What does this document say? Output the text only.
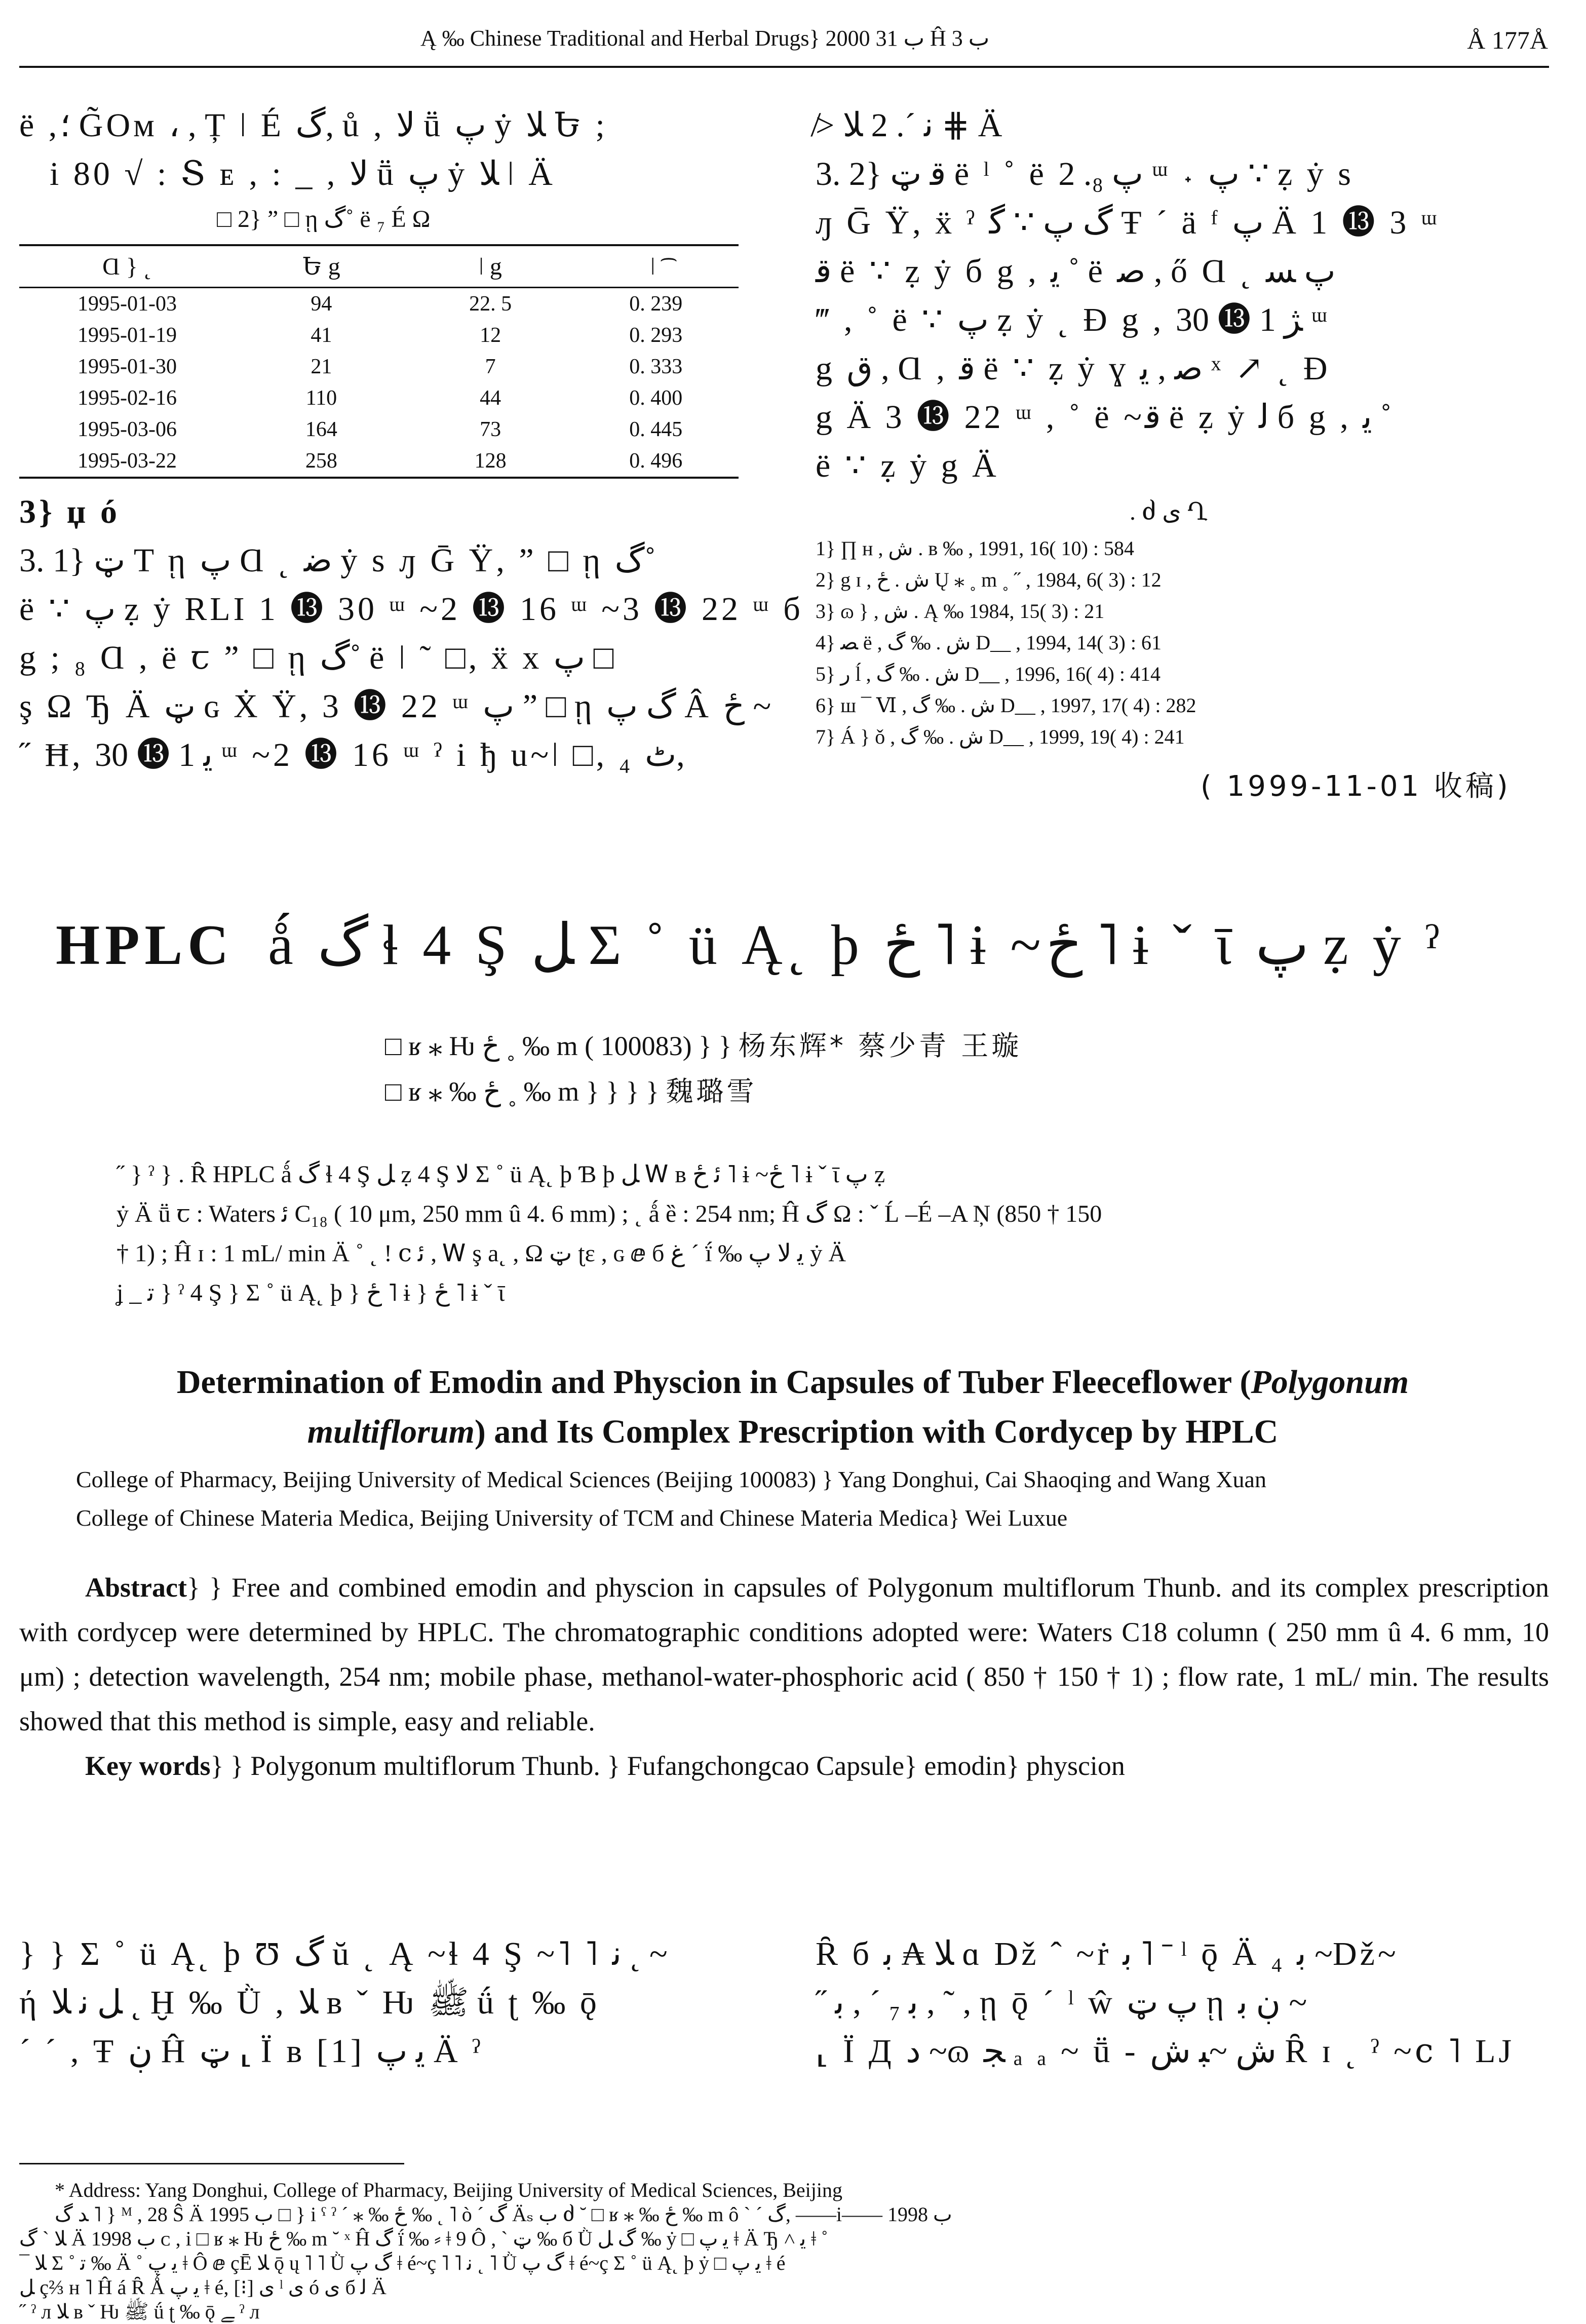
Ą ‰ Chinese Traditional and Herbal Drugs} 2000 ب 31 Ĥ ب 3	Å 177Å
ë ,؛ G̃Oм ، , Ț ǀ É گ, ů , ﻻ ṻ پ ẏ ﻼ Ե ;
i 80 √ : Տ ᴇ , : _ , ﻻ ṻ پ ẏ ﻼ ǀ Ä
□ 2} ” □ ῃ گ˚ ë ₇ É Ω
Ɑ } ˛	Ե g	ǀ g	ǀ ͡
1995-01-03	94	22. 5	0. 239
1995-01-19	41	12	0. 293
1995-01-30	21	7	0. 333
1995-02-16	110	44	0. 400
1995-03-06	164	73	0. 445
1995-03-22	258	128	0. 496
3} џ ó
3. 1} ټ T ῃ پ Ɑ ˛ ﺿ ẏ s ԓ Ḡ Ÿ, ” □ ῃ گ˚
ë ∵ پ ẓ ẏ RLI 1 ⓭ 30 ᵚ ~2 ⓭ 16 ᵚ ~3 ⓭ 22 ᵚ б
g ; ₈ Ɑ , ë ꞇ ” □ ῃ گ˚ ë ǀ ˜ □, ẍ x پ □
ş Ω Ђ Ä ټ ɢ Ẋ Ÿ, 3 ⓭ 22 ᵚ پ ” □ ῃ گ پ Â ځ ~
˝ Ħ, ﻳ 1 ⓭ 30 ᵚ ~2 ⓭ 16 ᵚ ˀ i ђ u~ǀ □, ₄ ٹ,
≯ ﻧ ˊ. 2 ﻼ ⋕ Ä
3. 2} ﻗ ټ ë ˡ ˚ ë پ ₈. 2 ᵚ ˖ پ ∵ ẓ ẏ s
ԓ Ḡ Ÿ, ẍ ˀ گ پ ∵ ﮔ Ŧ ˊ ä ᶠ پ Ä 1 ⓭ 3 ᵚ
ﻗ ë ∵ ẓ ẏ б g , ﻳ ˚ ë ﺻ , ő Ɑ ˛ پ ﺴ
‴ , ˚ ë ∵ پ ẓ ẏ ˛ Ɖ g , ﮋ 1 ⓭ 30 ᵚ
g ﻕ , Ɑ , ﻗ ë ∵ ẓ ẏ ɣ ﺻ , ﻳ ˣ ↗ ˛ Ɖ
g Ä 3 ⓭ 22 ᵚ , ˚ ë ~ﻗ ë ẓ ẏ ﻟ б g , ﻳ ˚
ë ∵ ẓ ẏ g Ä
. ძ ى Ղ
1} ∏ ʜ , ش . ʙ ‰ , 1991, 16( 10) : 584
2} g ɪ , ش . ځ Ų ⁎ ˳ m ˳ ˝ , 1984, 6( 3) : 12
3} ɷ } , ش . Ą ‰ 1984, 15( 3) : 21
4} ﺼ ë , ش . ‰ گ D__ , 1994, 14( 3) : 61
5} ﺭ ĺ , ش . ‰ گ D__ , 1996, 16( 4) : 414
6} ш ¯ Ⅵ , ش . ‰ گ D__ , 1997, 17( 4) : 282
7} Á } ǒ , ش . ‰ گ D__ , 1999, 19( 4) : 241
( 1999-11-01 收稿)
HPLC ǻ گ ɬ 4 Ş ﻞ Σ ˚ ü Ą˛ þ ځ ˥ ɨ ~ځ ˥ ɨ ˇ ῑ پ ẓ ẏ ˀ
□ ʁ ⁎ Ƕ ځ ˳ ‰ m ( 100083) } } 杨东辉* 蔡少青 王璇
□ ʁ ⁎ ‰ ځ ˳ ‰ m } } } } 魏璐雪
˝ } ˀ } . Ȓ HPLC ǻ گ ɬ 4 Ş ﻞ ẓ 4 Ş ﻻ Σ ˚ ü Ą˛ þ Ɓ þ ﻞ Ꮃ ʙ ﺋ ځ ˥ ɨ ~ځ ˥ ɨ ˇ ῑ پ ẓ
ẏ Ä ṻ ꞇ : Waters ﺋ C₁₈ ( 10 μm, 250 mm û 4. 6 mm) ; ˛ ǻ ȅ : 254 nm; Ĥ گ Ω : ˇ Ĺ ‒É ‒A Ņ (850 † 150
† 1) ; Ĥ ɪ : 1 mL/ min Ä ˚ ˛ ! ⅽ ﺋ , Ꮃ ş a˛ , Ω ټ ʈɛ , ɢ ⅇ б ﻍ ˊ ḯ ‰ ﻳ ﻻ پ ẏ Ä
ʝ _ ﺗ } ˀ 4 Ş } Σ ˚ ü Ą˛ þ } ځ ˥ ɨ } ځ ˥ ɨ ˇ ῑ
Determination of Emodin and Physcion in Capsules of Tuber Fleeceflower (Polygonum
multiflorum) and Its Complex Prescription with Cordycep by HPLC
College of Pharmacy, Beijing University of Medical Sciences (Beijing 100083) } Yang Donghui, Cai Shaoqing and Wang Xuan
College of Chinese Materia Medica, Beijing University of TCM and Chinese Materia Medica} Wei Luxue
Abstract} } Free and combined emodin and physcion in capsules of Polygonum multiflorum Thunb. and its complex prescription with cordycep were determined by HPLC. The chromatographic conditions adopted were: Waters C18 column ( 250 mm û 4. 6 mm, 10 μm) ; detection wavelength, 254 nm; mobile phase, methanol-water-phosphoric acid ( 850 † 150 † 1) ; flow rate, 1 mL/ min. The results showed that this method is simple, easy and reliable.
Key words} } Polygonum multiflorum Thunb. } Fufangchongcao Capsule} emodin} physcion
} } Σ ˚ ü Ą˛ þ Ʊ گ ŭ ˛ Ą ~ɬ 4 Ş ~˥ ˥ ﻧ ˛ ~
ή ﻞ ﻧ ﻼ ˛ Ḫ ‰ Ǜ , ﻼ ʙ ˇ Ƕ ﷺ ǘ ʈ ‰ ǭ
ˊ ˊ , Ŧ ڹ Ĥ ټ ⸤ Ï ʙ [1] ﻳ پ Ä ˀ
Ȓ б ﻼ ₳ ﺑ ɑ Dž ˆ ~ṙ ﺑ ˥ ˉ ˡ ǭ Ä ₄ ﺑ ~Dž~
˝ ﺑ ₇ ˊ , ﺑ , ˜ , ῃ ǭ ˊ ˡ ŵ پ ټ ῃ ڹ ﺑ ~
⸤ Ï Д ﺩ ~ɷ ﺠ ₐ ₐ ~ ṻ - ش ~ﺒ ش Ȓ ɪ ˛ ˀ ~ⅽ ˥ LJ
* Address: Yang Donghui, College of Pharmacy, Beijing University of Medical Sciences, Beijing
ﺪ گ ˥ } ᴹ , 28 Ŝ Ä 1995 ب □ } i ˁ ˀ ˊ ⁎ ‰ ځ ‰ ˛ ˥ ò ˊ گ Äₛ ب ძ ˘ □ ʁ ⁎ ‰ ځ ‰ m ô ˋ ˊ گ, ——i—— 1998 ب
ﻼ ˋ گ Ä 1998 ب ᴄ , i □ ʁ ⁎ Ƕ ځ ‰ m ˘ ˣ Ĥ گ ḯ ‰ ⸗ ǂ 9 Ô , ˋ ټ ‰ б Ǜ گ ﻞ ‰ ẏ □ ﻳ پ ǂ Ä Ђ ˄ ﻳ ǂ ˚
¯ ﻼ Σ ˚ ﺗ ‰ Ä ˚ ﻳ پ ǂ Ô ⅇ çĒ ﻼ ǭ ų ˥ ˥ Ǜ گ پ ǂ é~ç ˥ ˥ ﻧ ˛ ˥ Ǜ گ پ ǂ é~ç Σ ˚ ü Ą˛ þ ẏ □ ﻳ پ ǂ é
ﻞ ç⅔ ʜ ˥ Ĥ á Ȓ Ǻ ﻳ پ ǂ é, [⁝] ى ˡ ى ó ى б ﻟ Ä
˝ ˀ л ﻼ ʙ ˇ Ƕ ﷺ ǘ ʈ ‰ ǭ ﮯ ˀ л
